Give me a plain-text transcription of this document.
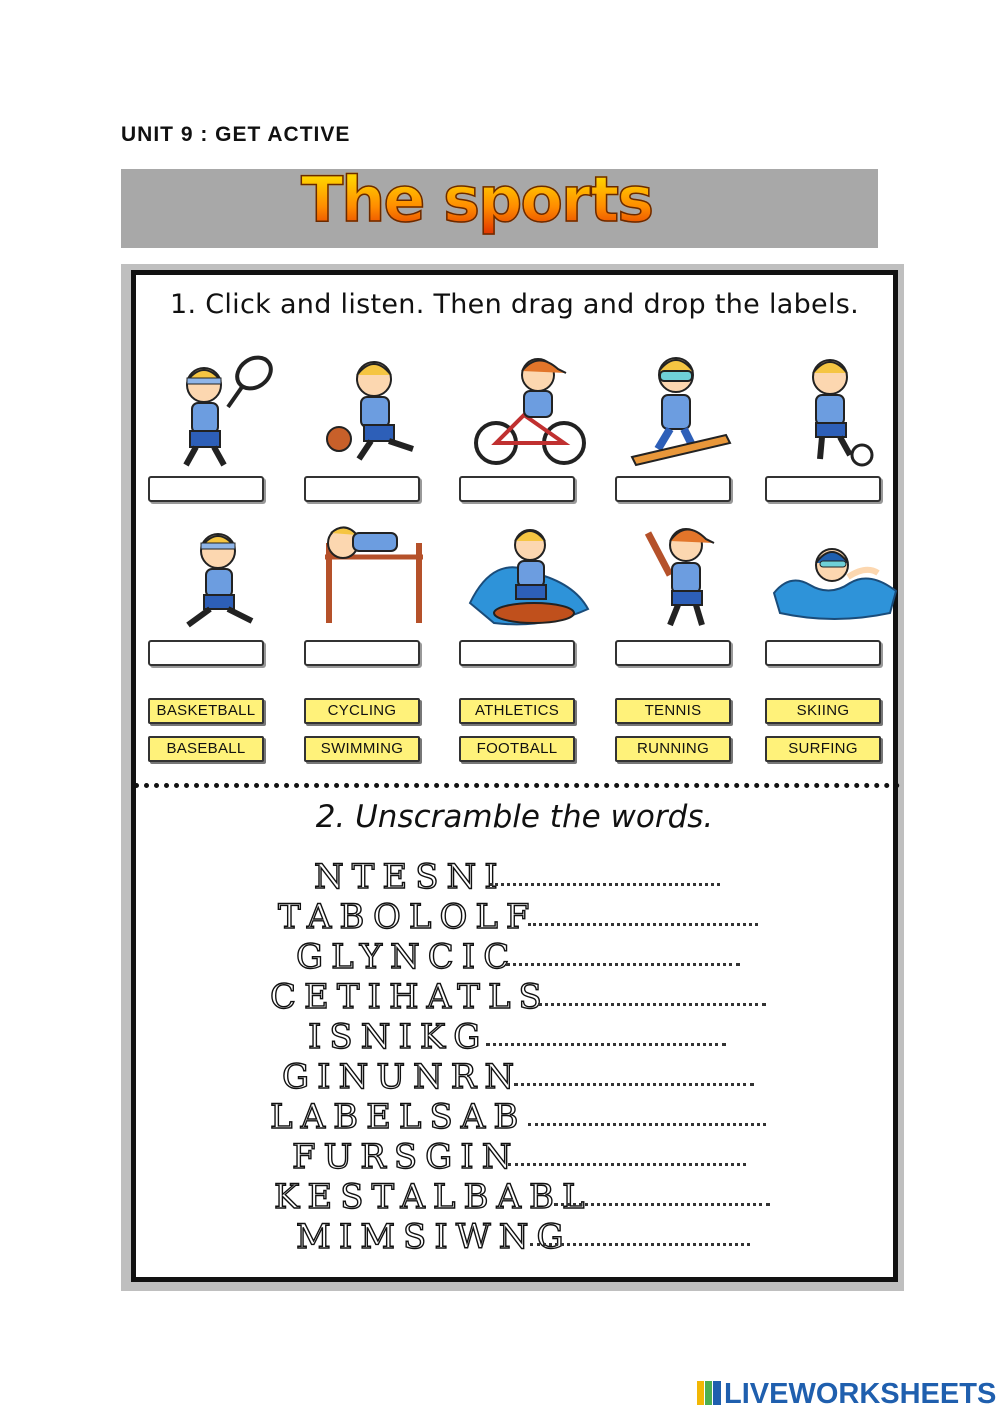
UNIT 9 : GET ACTIVE
The sports
1. Click and listen. Then drag and drop the labels.
BASKETBALL	CYCLING	ATHLETICS	TENNIS	SKIING
BASEBALL	SWIMMING	FOOTBALL	RUNNING	SURFING
2. Unscramble the words.
NTESNI
TABOLOLF
GLYNCIC
CETIHATLS
ISNIKG
GINUNRN
LABELSAB
FURSGIN
KESTALBABL
MIMSIWNG
LIVEWORKSHEETS
